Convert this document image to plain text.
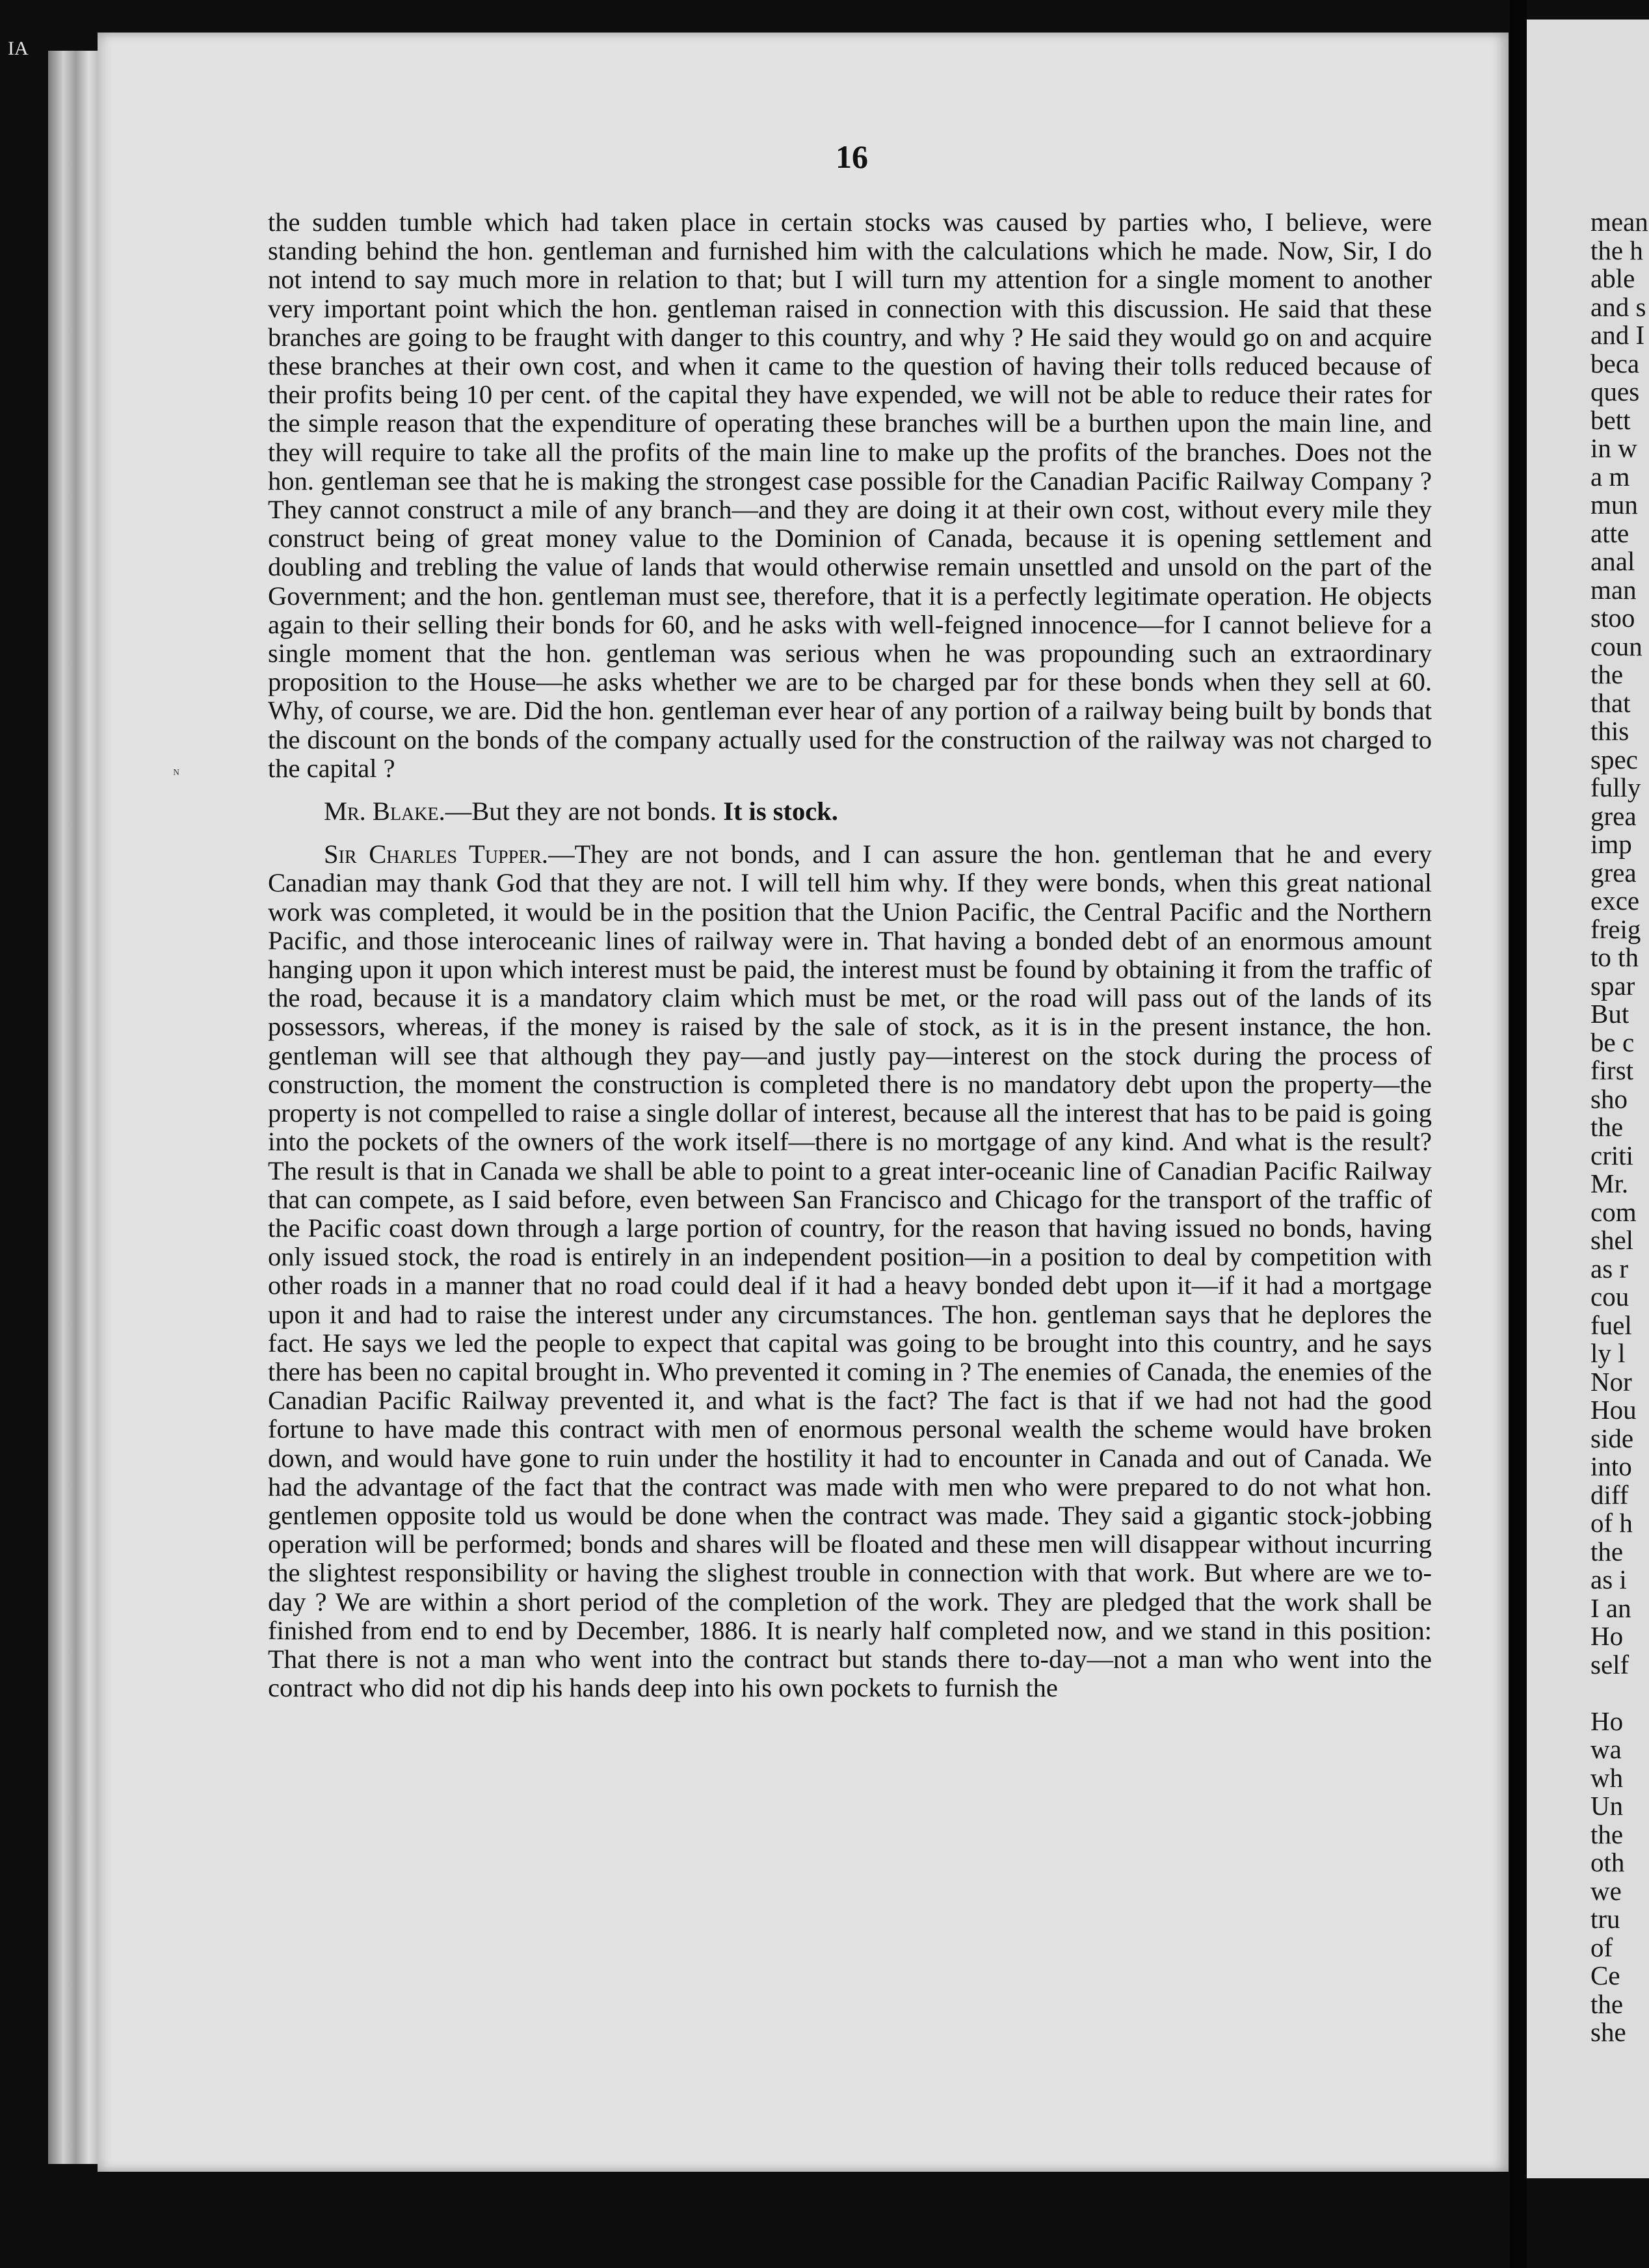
IA
mean
the h
able
and s
and I
beca
ques
bett
in w
a m
mun
atte
anal
man
stoo
coun
the
that
this
spec
fully
grea
imp
grea
exce
freig
to th
spar
But
be c
first
sho
the
criti
Mr.
com
shel
as r
cou
fuel
ly l
Nor
Hou
side
into
diff
of h
the
as i
I an
Ho
self
Ho
wa
wh
Un
the
oth
we
tru
of
Ce
the
she
ᴺ
16

the sudden tumble which had taken place in certain stocks was caused by parties who, I believe, were standing behind the hon. gentleman and furnished him with the calculations which he made. Now, Sir, I do not intend to say much more in relation to that; but I will turn my attention for a single moment to another very important point which the hon. gentleman raised in connection with this discussion. He said that these branches are going to be fraught with danger to this country, and why ? He said they would go on and acquire these branches at their own cost, and when it came to the question of having their tolls reduced because of their profits being 10 per cent. of the capital they have expended, we will not be able to reduce their rates for the simple reason that the expenditure of operating these branches will be a burthen upon the main line, and they will require to take all the profits of the main line to make up the profits of the branches. Does not the hon. gentleman see that he is making the strongest case possible for the Canadian Pacific Railway Company ? They cannot construct a mile of any branch—and they are doing it at their own cost, without every mile they construct being of great money value to the Dominion of Canada, because it is opening settlement and doubling and trebling the value of lands that would otherwise remain unsettled and unsold on the part of the Government; and the hon. gentleman must see, therefore, that it is a perfectly legitimate operation. He objects again to their selling their bonds for 60, and he asks with well-feigned innocence—for I cannot believe for a single moment that the hon. gentleman was serious when he was propounding such an extraordinary proposition to the House—he asks whether we are to be charged par for these bonds when they sell at 60. Why, of course, we are. Did the hon. gentleman ever hear of any portion of a railway being built by bonds that the discount on the bonds of the company actually used for the construction of the railway was not charged to the capital ?

Mr. Blake.—But they are not bonds. It is stock.

Sir Charles Tupper.—They are not bonds, and I can assure the hon. gentleman that he and every Canadian may thank God that they are not. I will tell him why. If they were bonds, when this great national work was completed, it would be in the position that the Union Pacific, the Central Pacific and the Northern Pacific, and those interoceanic lines of railway were in. That having a bonded debt of an enormous amount hanging upon it upon which interest must be paid, the interest must be found by obtaining it from the traffic of the road, because it is a mandatory claim which must be met, or the road will pass out of the lands of its possessors, whereas, if the money is raised by the sale of stock, as it is in the present instance, the hon. gentleman will see that although they pay—and justly pay—interest on the stock during the process of construction, the moment the construction is completed there is no mandatory debt upon the property—the property is not compelled to raise a single dollar of interest, because all the interest that has to be paid is going into the pockets of the owners of the work itself—there is no mortgage of any kind. And what is the result? The result is that in Canada we shall be able to point to a great inter-oceanic line of Canadian Pacific Railway that can compete, as I said before, even between San Francisco and Chicago for the transport of the traffic of the Pacific coast down through a large portion of country, for the reason that having issued no bonds, having only issued stock, the road is entirely in an independent position—in a position to deal by competition with other roads in a manner that no road could deal if it had a heavy bonded debt upon it—if it had a mortgage upon it and had to raise the interest under any circumstances. The hon. gentleman says that he deplores the fact. He says we led the people to expect that capital was going to be brought into this country, and he says there has been no capital brought in. Who prevented it coming in ? The enemies of Canada, the enemies of the Canadian Pacific Railway prevented it, and what is the fact? The fact is that if we had not had the good fortune to have made this contract with men of enormous personal wealth the scheme would have broken down, and would have gone to ruin under the hostility it had to encounter in Canada and out of Canada. We had the advantage of the fact that the contract was made with men who were prepared to do not what hon. gentlemen opposite told us would be done when the contract was made. They said a gigantic stock-jobbing operation will be performed; bonds and shares will be floated and these men will disappear without incurring the slightest responsibility or having the slighest trouble in connection with that work. But where are we to-day ? We are within a short period of the completion of the work. They are pledged that the work shall be finished from end to end by December, 1886. It is nearly half completed now, and we stand in this position: That there is not a man who went into the contract but stands there to-day—not a man who went into the contract who did not dip his hands deep into his own pockets to furnish the
